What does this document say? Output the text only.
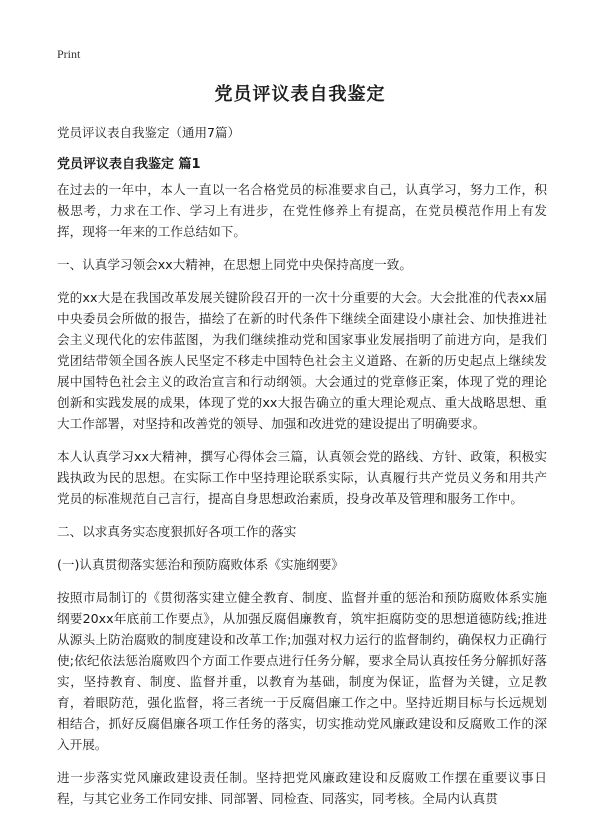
Print
党员评议表自我鉴定
党员评议表自我鉴定（通用7篇）
党员评议表自我鉴定 篇1

在过去的一年中，本人一直以一名合格党员的标准要求自己，认真学习，努力工作，积极思考，力求在工作、学习上有进步，在党性修养上有提高，在党员模范作用上有发挥，现将一年来的工作总结如下。

一、认真学习领会xx大精神，在思想上同党中央保持高度一致。

党的xx大是在我国改革发展关键阶段召开的一次十分重要的大会。大会批准的代表xx届中央委员会所做的报告，描绘了在新的时代条件下继续全面建设小康社会、加快推进社会主义现代化的宏伟蓝图，为我们继续推动党和国家事业发展指明了前进方向，是我们党团结带领全国各族人民坚定不移走中国特色社会主义道路、在新的历史起点上继续发展中国特色社会主义的政治宣言和行动纲领。大会通过的党章修正案，体现了党的理论创新和实践发展的成果，体现了党的xx大报告确立的重大理论观点、重大战略思想、重大工作部署，对坚持和改善党的领导、加强和改进党的建设提出了明确要求。

本人认真学习xx大精神，撰写心得体会三篇，认真领会党的路线、方针、政策，积极实践执政为民的思想。在实际工作中坚持理论联系实际，认真履行共产党员义务和用共产党员的标准规范自己言行，提高自身思想政治素质，投身改革及管理和服务工作中。

二、以求真务实态度狠抓好各项工作的落实

(一)认真贯彻落实惩治和预防腐败体系《实施纲要》

按照市局制订的《贯彻落实建立健全教育、制度、监督并重的惩治和预防腐败体系实施纲要20xx年底前工作要点》，从加强反腐倡廉教育，筑牢拒腐防变的思想道德防线;推进从源头上防治腐败的制度建设和改革工作;加强对权力运行的监督制约，确保权力正确行使;依纪依法惩治腐败四个方面工作要点进行任务分解，要求全局认真按任务分解抓好落实，坚持教育、制度、监督并重，以教育为基础，制度为保证，监督为关键，立足教育，着眼防范，强化监督，将三者统一于反腐倡廉工作之中。坚持近期目标与长远规划相结合，抓好反腐倡廉各项工作任务的落实，切实推动党风廉政建设和反腐败工作的深入开展。

进一步落实党风廉政建设责任制。坚持把党风廉政建设和反腐败工作摆在重要议事日程，与其它业务工作同安排、同部署、同检查、同落实，同考核。全局内认真贯
